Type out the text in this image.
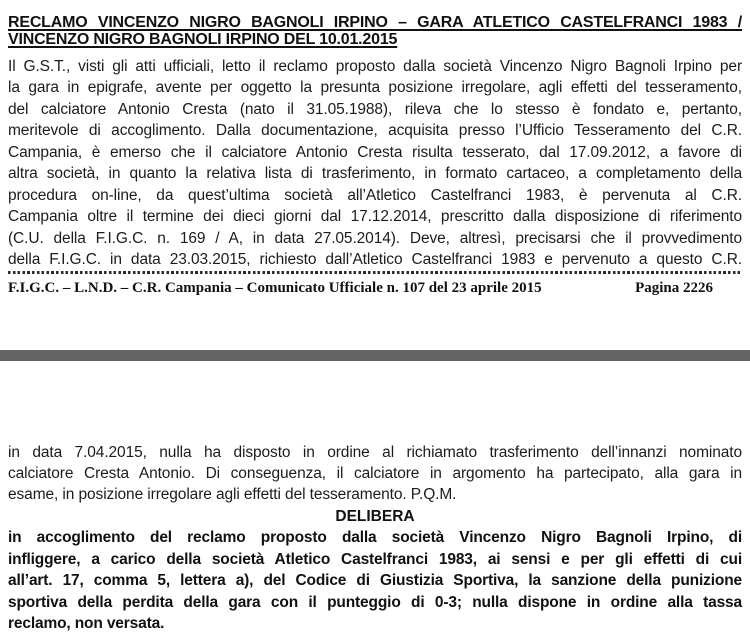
RECLAMO VINCENZO NIGRO BAGNOLI IRPINO – GARA ATLETICO CASTELFRANCI 1983 /
VINCENZO NIGRO BAGNOLI IRPINO DEL 10.01.2015
Il G.S.T., visti gli atti ufficiali, letto il reclamo proposto dalla società Vincenzo Nigro Bagnoli Irpino per
la gara in epigrafe, avente per oggetto la presunta posizione irregolare, agli effetti del tesseramento,
del calciatore Antonio Cresta (nato il 31.05.1988), rileva che lo stesso è fondato e, pertanto,
meritevole di accoglimento. Dalla documentazione, acquisita presso l’Ufficio Tesseramento del C.R.
Campania, è emerso che il calciatore Antonio Cresta risulta tesserato, dal 17.09.2012, a favore di
altra società, in quanto la relativa lista di trasferimento, in formato cartaceo, a completamento della
procedura on-line, da quest’ultima società all’Atletico Castelfranci 1983, è pervenuta al C.R.
Campania oltre il termine dei dieci giorni dal 17.12.2014, prescritto dalla disposizione di riferimento
(C.U. della F.I.G.C. n. 169 / A, in data 27.05.2014). Deve, altresì, precisarsi che il provvedimento
della F.I.G.C. in data 23.03.2015, richiesto dall’Atletico Castelfranci 1983 e pervenuto a questo C.R.
F.I.G.C. – L.N.D. – C.R. Campania – Comunicato Ufficiale n. 107 del 23 aprile 2015	Pagina 2226
in data 7.04.2015, nulla ha disposto in ordine al richiamato trasferimento dell’innanzi nominato
calciatore Cresta Antonio. Di conseguenza, il calciatore in argomento ha partecipato, alla gara in
esame, in posizione irregolare agli effetti del tesseramento. P.Q.M.
DELIBERA
in accoglimento del reclamo proposto dalla società Vincenzo Nigro Bagnoli Irpino, di
infliggere, a carico della società Atletico Castelfranci 1983, ai sensi e per gli effetti di cui
all’art. 17, comma 5, lettera a), del Codice di Giustizia Sportiva, la sanzione della punizione
sportiva della perdita della gara con il punteggio di 0-3; nulla dispone in ordine alla tassa
reclamo, non versata.
